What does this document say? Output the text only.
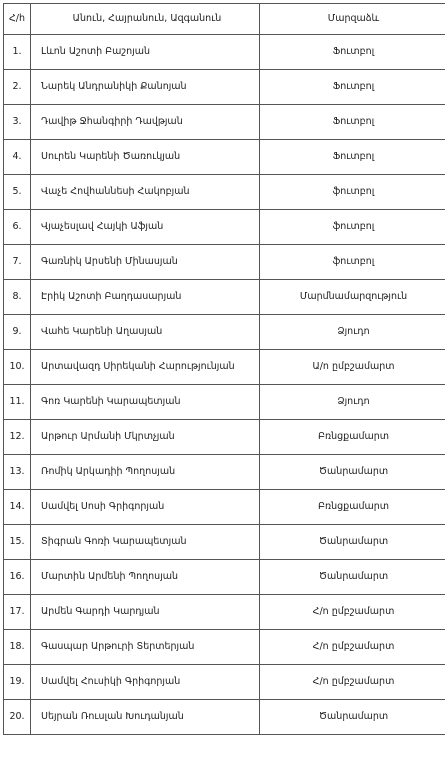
Հ/հ	Անուն, Հայրանուն, Ազգանուն	Մարզաձև
1.	Լևոն Աշոտի Բաշոյան	Ֆուտբոլ
2.	Նարեկ Անդրանիկի Քանոյան	Ֆուտբոլ
3.	Դավիթ Ջհանգիրի Դավթյան	Ֆուտբոլ
4.	Սուրեն Կարենի Ծառուկյան	Ֆուտբոլ
5.	Վաչե Հովհաննեսի Հակոբյան	ֆուտբոլ
6.	Վյաչեսլավ Հայկի Աֆյան	ֆուտբոլ
7.	Գառնիկ Արսենի Մինասյան	ֆուտբոլ
8.	Էրիկ Աշոտի Բաղդասարյան	Մարմնամարզություն
9.	Վահե Կարենի Աղասյան	Ձյուդո
10.	Արտավազդ Սիրեկանի Հարությունյան	Ա/ո ըմբշամարտ
11.	Գոռ Կարենի Կարապետյան	Ձյուդո
12.	Արթուր Արմանի Մկրտչյան	Բռնցքամարտ
13.	Ռոմիկ Արկադիի Պողոսյան	Ծանրամարտ
14.	Սամվել Սոսի Գրիգորյան	Բռնցքամարտ
15.	Տիգրան Գոռի Կարապետյան	Ծանրամարտ
16.	Մարտին Արմենի Պողոսյան	Ծանրամարտ
17.	Արմեն Գարդի Կարդյան	Հ/ո ըմբշամարտ
18.	Գասպար Արթուրի Տերտերյան	Հ/ո ըմբշամարտ
19.	Սամվել Հուսիկի Գրիգորյան	Հ/ո ըմբշամարտ
20.	Սեյրան Ռուսլան Խուդանյան	Ծանրամարտ
